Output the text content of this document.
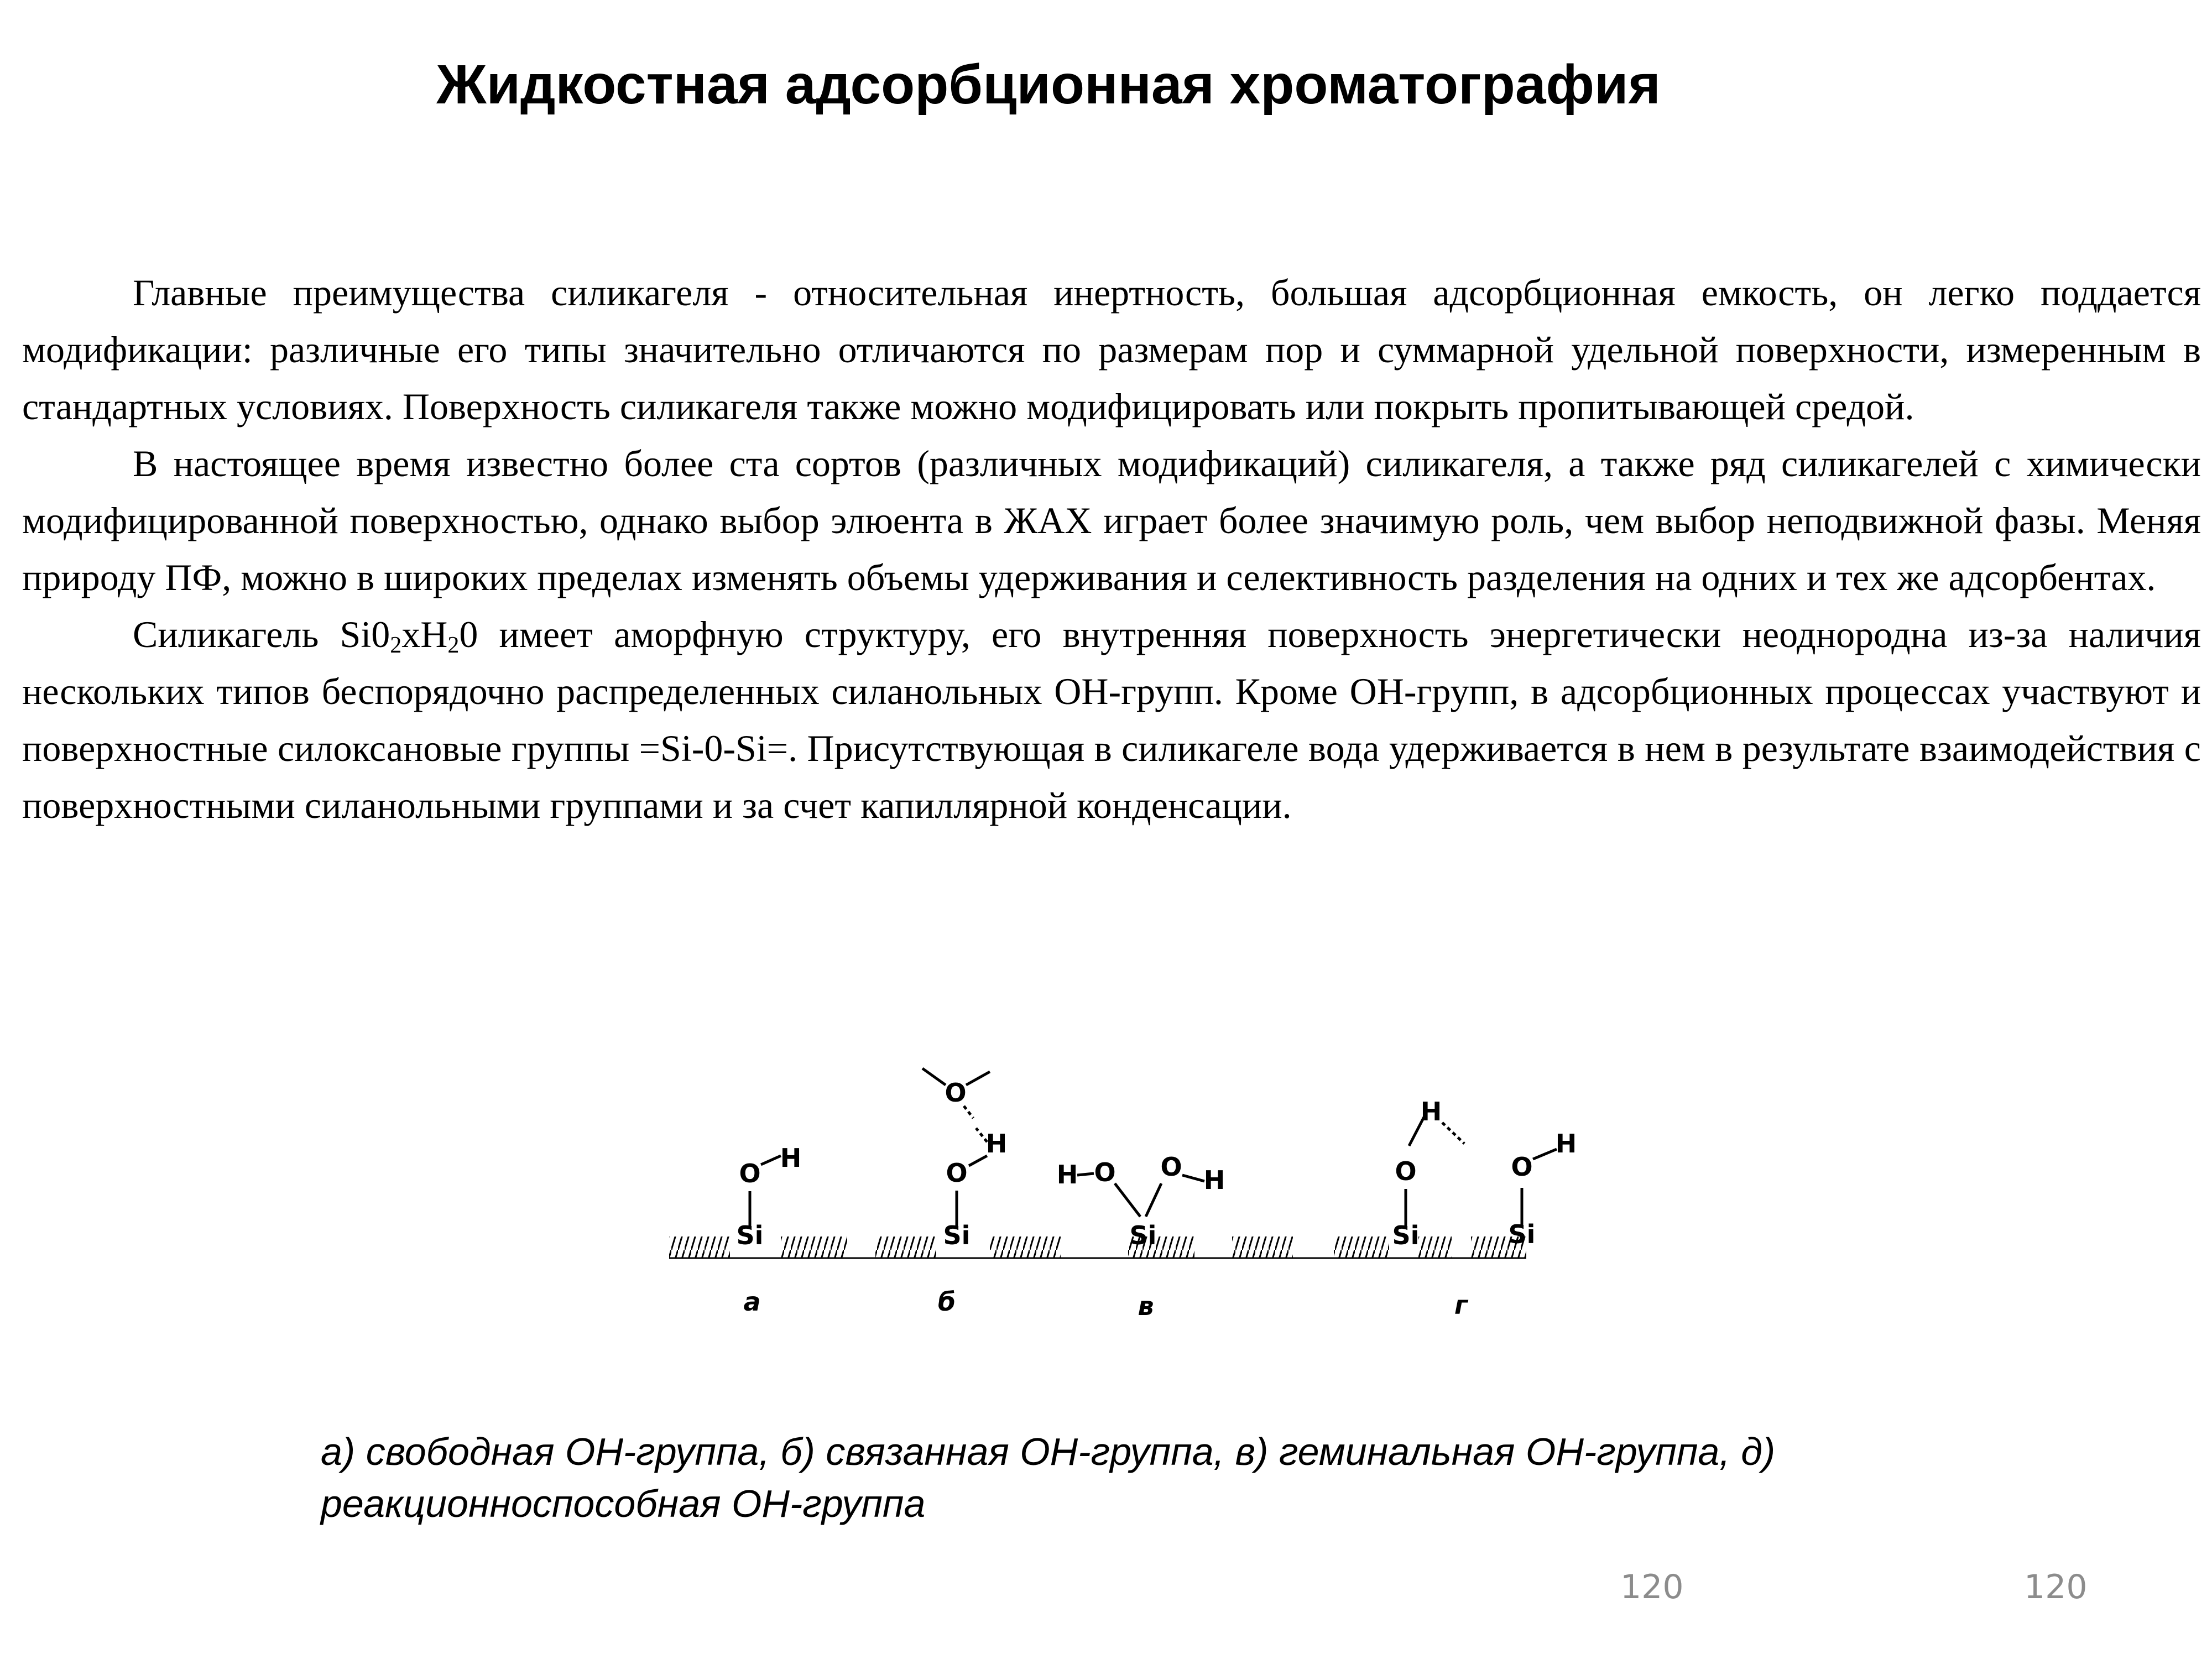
Жидкостная адсорбционная хроматография

Главные преимущества силикагеля - относительная инертность, большая адсорбционная емкость, он легко поддается модификации: различные его типы значительно отличаются по размерам пор и суммарной удельной поверхности, измеренным в стандартных условиях. Поверхность силикагеля также можно модифицировать или покрыть пропитывающей средой.

В настоящее время известно более ста сортов (различных модификаций) силикагеля, а также ряд силикагелей с химически модифицированной поверхностью, однако выбор элюента в ЖАХ играет более значимую роль, чем выбор неподвижной фазы. Меняя природу ПФ, можно в широких пределах изменять объемы удерживания и селективность разделения на одних и тех же адсорбентах.

Силикагель $Si0_2xH_20$ имеет аморфную структуру, его внутренняя поверхность энергетически неоднородна из-за наличия нескольких типов беспорядочно распределенных силанольных ОН-групп. Кроме ОН-групп, в адсорбционных процессах участвуют и поверхностные силоксановые группы =Si-0-Si=. Присутствующая в силикагеле вода удерживается в нем в результате взаимодействия с поверхностными силанольными группами и за счет капиллярной конденсации.

Si
O
H
Si
O
H
O
H O
Si
O H
Si
O
H
Si
O
H
а	б	в	г
а) свободная ОН-группа, б) связанная ОН-группа, в) геминальная ОН-группа, д) реакционноспособная ОН-группа
120	120
